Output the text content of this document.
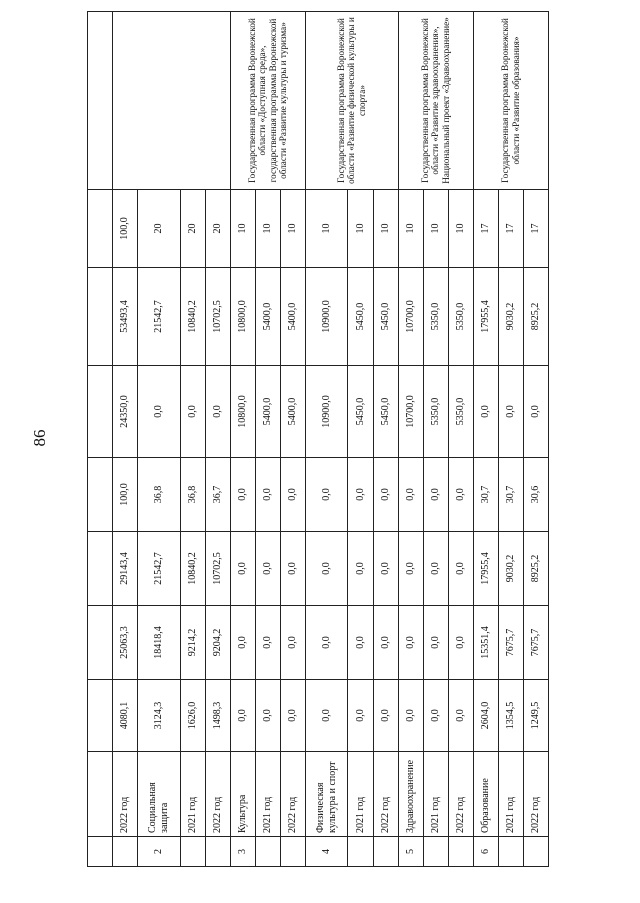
86

	2022 год	4080,1	25063,3	29143,4	100,0	24350,0	53493,4	100,0	
2	Социальная защита	3124,3	18418,4	21542,7	36,8	0,0	21542,7	20	
	2021 год	1626,0	9214,2	10840,2	36,8	0,0	10840,2	20	
	2022 год	1498,3	9204,2	10702,5	36,7	0,0	10702,5	20	
3	Культура	0,0	0,0	0,0	0,0	10800,0	10800,0	10	Государственная программа Воронежской области «Доступная среда», государственная программа Воронежской области «Развитие культуры и туризма»
	2021 год	0,0	0,0	0,0	0,0	5400,0	5400,0	10	
	2022 год	0,0	0,0	0,0	0,0	5400,0	5400,0	10	
4	Физическая культура и спорт	0,0	0,0	0,0	0,0	10900,0	10900,0	10	Государственная программа Воронежской области «Развитие физической культуры и спорта»
	2021 год	0,0	0,0	0,0	0,0	5450,0	5450,0	10	
	2022 год	0,0	0,0	0,0	0,0	5450,0	5450,0	10	
5	Здравоохранение	0,0	0,0	0,0	0,0	10700,0	10700,0	10	Государственная программа Воронежской области «Развитие здравоохранения», Национальный проект «Здравоохранение»
	2021 год	0,0	0,0	0,0	0,0	5350,0	5350,0	10	
	2022 год	0,0	0,0	0,0	0,0	5350,0	5350,0	10	
6	Образование	2604,0	15351,4	17955,4	30,7	0,0	17955,4	17	Государственная программа Воронежской области «Развитие образования»
	2021 год	1354,5	7675,7	9030,2	30,7	0,0	9030,2	17	
	2022 год	1249,5	7675,7	8925,2	30,6	0,0	8925,2	17	
